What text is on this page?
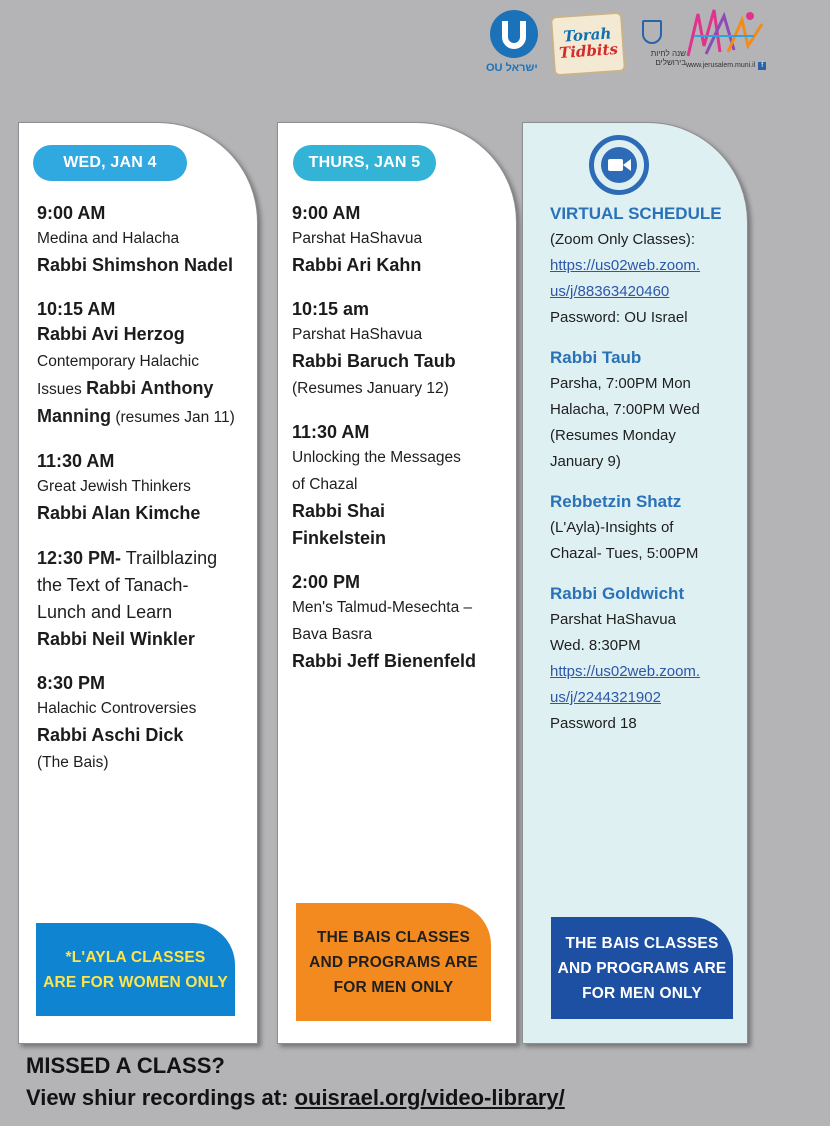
OU ישראל
Torah
Tidbits	שנה לחיות
בירושלים www.jerusalem.muni.il f
WED, JAN 4
9:00 AM
Medina and Halacha
Rabbi Shimshon Nadel
10:15 AM
Rabbi Avi Herzog
Contemporary Halachic
Issues Rabbi Anthony
Manning (resumes Jan 11)
11:30 AM
Great Jewish Thinkers
Rabbi Alan Kimche
12:30 PM- Trailblazing
the Text of Tanach-
Lunch and Learn
Rabbi Neil Winkler
8:30 PM
Halachic Controversies
Rabbi Aschi Dick
(The Bais)
*L'AYLA CLASSES
ARE FOR WOMEN ONLY
THURS, JAN 5
9:00 AM
Parshat HaShavua
Rabbi Ari Kahn
10:15 am
Parshat HaShavua
Rabbi Baruch Taub
(Resumes January 12)
11:30 AM
Unlocking the Messages
of Chazal
Rabbi Shai
Finkelstein
2:00 PM
Men's Talmud-Mesechta –
Bava Basra
Rabbi Jeff Bienenfeld
THE BAIS CLASSES
AND PROGRAMS ARE
FOR MEN ONLY
VIRTUAL SCHEDULE
(Zoom Only Classes):
https://us02web.zoom.
us/j/88363420460
Password: OU Israel
Rabbi Taub
Parsha, 7:00PM Mon
Halacha, 7:00PM Wed
(Resumes Monday
January 9)
Rebbetzin Shatz
(L'Ayla)-Insights of
Chazal- Tues, 5:00PM
Rabbi Goldwicht
Parshat HaShavua
Wed. 8:30PM
https://us02web.zoom.
us/j/2244321902
Password 18
THE BAIS CLASSES
AND PROGRAMS ARE
FOR MEN ONLY
MISSED A CLASS?
View shiur recordings at: ouisrael.org/video-library/
